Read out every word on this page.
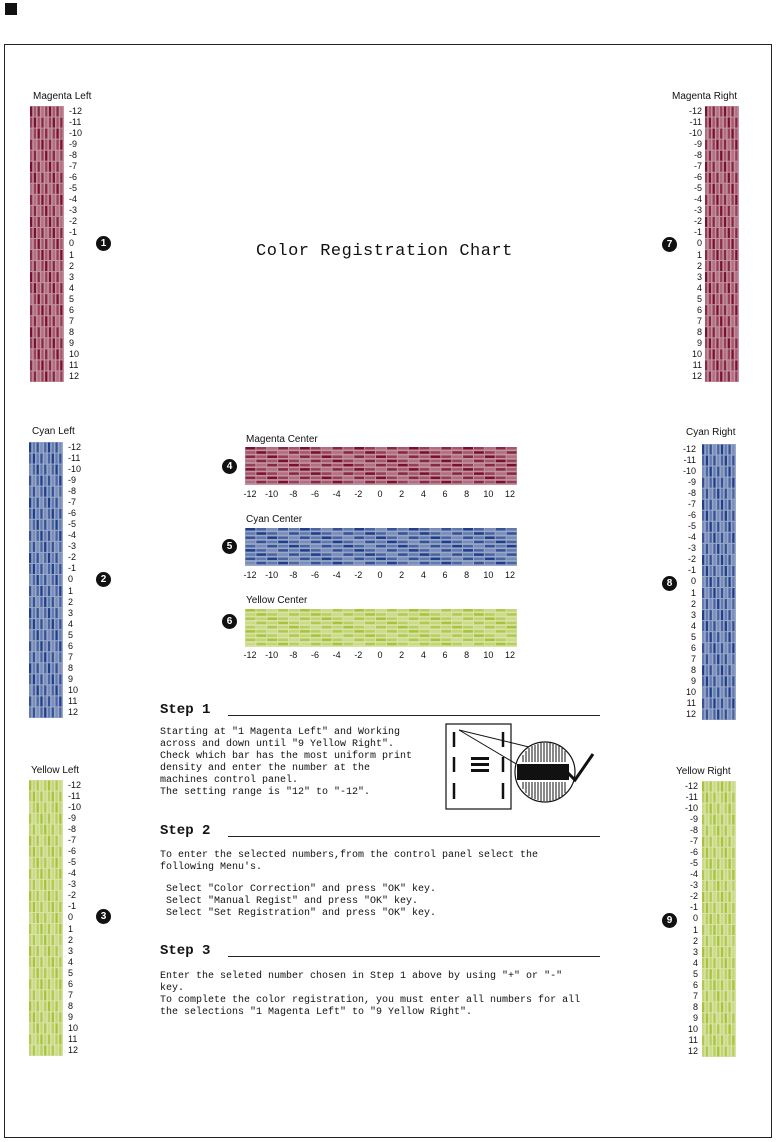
Magenta Left
-12
-11
-10
-9
-8
-7
-6
-5
-4
-3
-2
-1
0
1
2
3
4
5
6
7
8
9
10
11
12
1
Cyan Left
-12
-11
-10
-9
-8
-7
-6
-5
-4
-3
-2
-1
0
1
2
3
4
5
6
7
8
9
10
11
12
2
Yellow Left
-12
-11
-10
-9
-8
-7
-6
-5
-4
-3
-2
-1
0
1
2
3
4
5
6
7
8
9
10
11
12
3
Color Registration Chart
Magenta Right
-12
-11
-10
-9
-8
-7
-6
-5
-4
-3
-2
-1
0
1
2
3
4
5
6
7
8
9
10
11
12
7
Cyan Right
-12
-11
-10
-9
-8
-7
-6
-5
-4
-3
-2
-1
0
1
2
3
4
5
6
7
8
9
10
11
12
8
Yellow Right
-12
-11
-10
-9
-8
-7
-6
-5
-4
-3
-2
-1
0
1
2
3
4
5
6
7
8
9
10
11
12
9
Magenta Center
-12 -10	-8	-6	-4	-2	0	2	4	6	8	10	12
4
Cyan Center
-12 -10	-8	-6	-4	-2	0	2	4	6	8	10	12
5
Yellow Center
-12 -10	-8	-6	-4	-2	0	2	4	6	8	10	12
6
Step 1
Starting at "1 Magenta Left" and Working
across and down until "9 Yellow Right".
Check which bar has the most uniform print
density and enter the number at the
machines control panel.
The setting range is "12" to "-12".
Step 2
To enter the selected numbers,from the control panel select the
following Menu's.
Select "Color Correction" and press "OK" key.
Select "Manual Regist" and press "OK" key.
Select "Set Registration" and press "OK" key.
Step 3
Enter the seleted number chosen in Step 1 above by using "+" or "-"
key.
To complete the color registration, you must enter all numbers for all
the selections "1 Magenta Left" to "9 Yellow Right".
